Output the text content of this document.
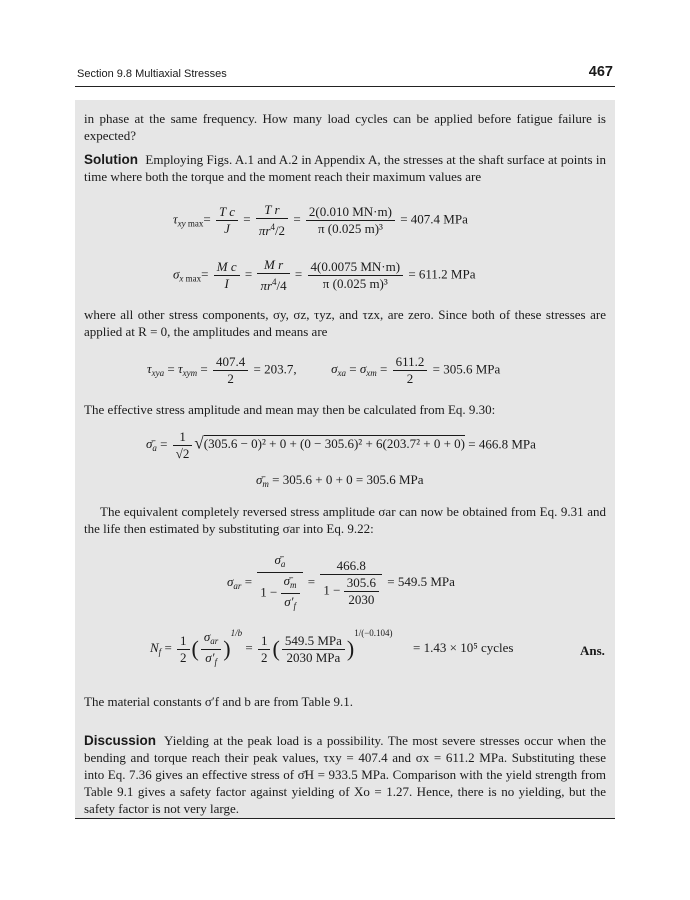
Section 9.8 Multiaxial Stresses	467
in phase at the same frequency. How many load cycles can be applied before fatigue failure is expected?
Solution Employing Figs. A.1 and A.2 in Appendix A, the stresses at the shaft surface at points in time where both the torque and the moment reach their maximum values are
$\tau_{xy max}= \frac{\text{T c}}{J} = \frac{\text{T r}}{\pi r^4/2} = \frac{2(0.010 MN\cdot m)}{\text{π (0.025 m)³}} = 407.4$ MPa
$\sigma_{x max}= \frac{\text{M c}}{I} = \frac{\text{M r}}{\pi r^4/4} = \frac{4(0.0075 MN\cdot m)}{\text{π (0.025 m)³}} = 611.2$ MPa
where all other stress components, σy, σz, τyz, and τzx, are zero. Since both of these stresses are applied at R = 0, the amplitudes and means are
$\tau_{xya} = \tau_{xym} = \frac{407.4}{2} = 203.7$,	$\sigma_{xa} = \sigma_{xm} = \frac{611.2}{2} = 305.6$ MPa
The effective stress amplitude and mean may then be calculated from Eq. 9.30:
$\sigmā_a = \frac{1}{√2} √(305.6 - 0)^2 + 0 + (0 - 305.6)^2 + 6(203.7^2 + 0 + 0) = 466.8$ MPa
$\sigmā_m = 305.6 + 0 + 0 = 305.6$ MPa
The equivalent completely reversed stress amplitude σar can now be obtained from Eq. 9.31 and the life then estimated by substituting σar into Eq. 9.22:
$\sigma_{ar} = \frac{\sigmā_a}{1 - \frac{\sigmā_m}{\sigma'_f}} = \frac{466.8}{1 - \frac{305.6}{2030}} = 549.5$ MPa
$N_f = \frac{1}{2}$ ( $\frac{\sigma_{ar}}{\sigma'_f} )^{1/b} = \frac{1}{2}$ ( $\frac{\text{549.5 MPa}}{\text{2030 MPa}} )^{1/(-0.104)} = 1.43 \times 10^5$ cycles	Ans.
The material constants σ′f and b are from Table 9.1.
Discussion Yielding at the peak load is a possibility. The most severe stresses occur when the bending and torque reach their peak values, τxy = 407.4 and σx = 611.2 MPa. Substituting these into Eq. 7.36 gives an effective stress of σ̄H = 933.5 MPa. Comparison with the yield strength from Table 9.1 gives a safety factor against yielding of Xo = 1.27. Hence, there is no yielding, but the safety factor is not very large.
